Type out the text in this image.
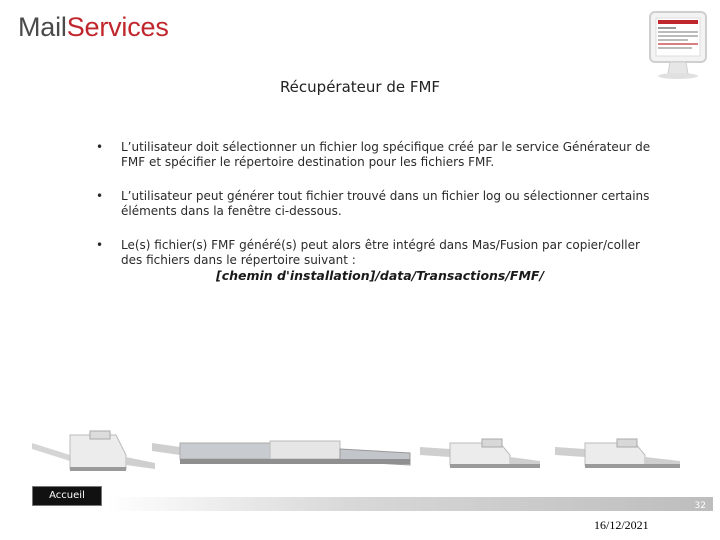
MailServices
Récupérateur de FMF
• L’utilisateur doit sélectionner un fichier log spécifique créé par le service Générateur de FMF et spécifier le répertoire destination pour les fichiers FMF.
• L’utilisateur peut générer tout fichier trouvé dans un fichier log ou sélectionner certains éléments dans la fenêtre ci-dessous.
• Le(s) fichier(s) FMF généré(s) peut alors être intégré dans Mas/Fusion par copier/coller des fichiers dans le répertoire suivant :
[chemin d'installation]/data/Transactions/FMF/
Accueil
32
16/12/2021
